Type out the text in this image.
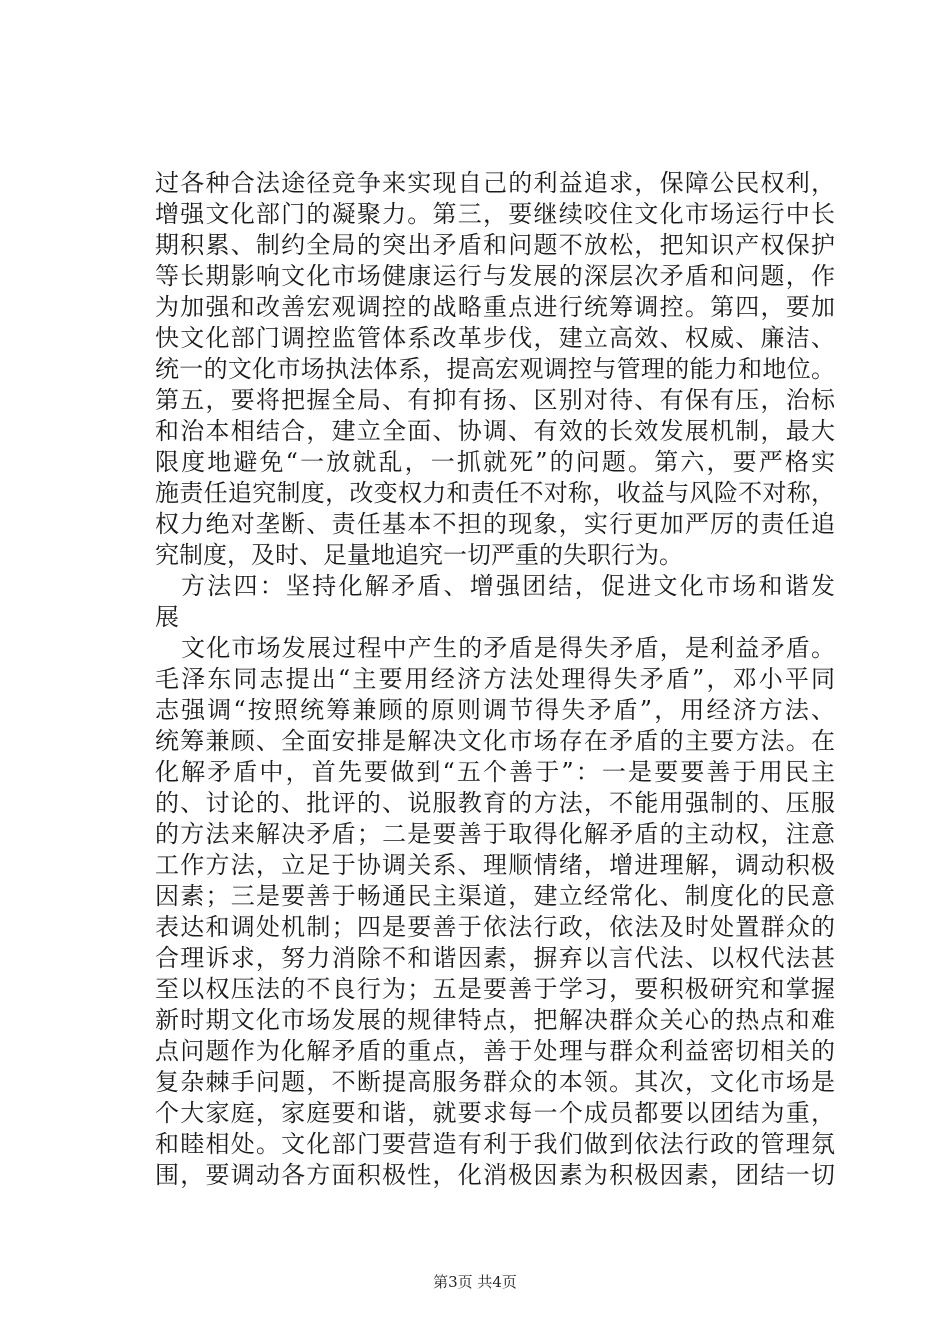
过各种合法途径竞争来实现自己的利益追求，保障公民权利，
增强文化部门的凝聚力。第三，要继续咬住文化市场运行中长
期积累、制约全局的突出矛盾和问题不放松，把知识产权保护
等长期影响文化市场健康运行与发展的深层次矛盾和问题，作
为加强和改善宏观调控的战略重点进行统筹调控。第四，要加
快文化部门调控监管体系改革步伐，建立高效、权威、廉洁、
统一的文化市场执法体系，提高宏观调控与管理的能力和地位。
第五，要将把握全局、有抑有扬、区别对待、有保有压，治标
和治本相结合，建立全面、协调、有效的长效发展机制，最大
限度地避免“一放就乱，一抓就死”的问题。第六，要严格实
施责任追究制度，改变权力和责任不对称，收益与风险不对称，
权力绝对垄断、责任基本不担的现象，实行更加严厉的责任追
究制度，及时、足量地追究一切严重的失职行为。
方法四：坚持化解矛盾、增强团结，促进文化市场和谐发
展
文化市场发展过程中产生的矛盾是得失矛盾，是利益矛盾。
毛泽东同志提出“主要用经济方法处理得失矛盾”，邓小平同
志强调“按照统筹兼顾的原则调节得失矛盾”，用经济方法、
统筹兼顾、全面安排是解决文化市场存在矛盾的主要方法。在
化解矛盾中，首先要做到“五个善于”：一是要要善于用民主
的、讨论的、批评的、说服教育的方法，不能用强制的、压服
的方法来解决矛盾；二是要善于取得化解矛盾的主动权，注意
工作方法，立足于协调关系、理顺情绪，增进理解，调动积极
因素；三是要善于畅通民主渠道，建立经常化、制度化的民意
表达和调处机制；四是要善于依法行政，依法及时处置群众的
合理诉求，努力消除不和谐因素，摒弃以言代法、以权代法甚
至以权压法的不良行为；五是要善于学习，要积极研究和掌握
新时期文化市场发展的规律特点，把解决群众关心的热点和难
点问题作为化解矛盾的重点，善于处理与群众利益密切相关的
复杂棘手问题，不断提高服务群众的本领。其次，文化市场是
个大家庭，家庭要和谐，就要求每一个成员都要以团结为重，
和睦相处。文化部门要营造有利于我们做到依法行政的管理氛
围，要调动各方面积极性，化消极因素为积极因素，团结一切
第3页 共4页
